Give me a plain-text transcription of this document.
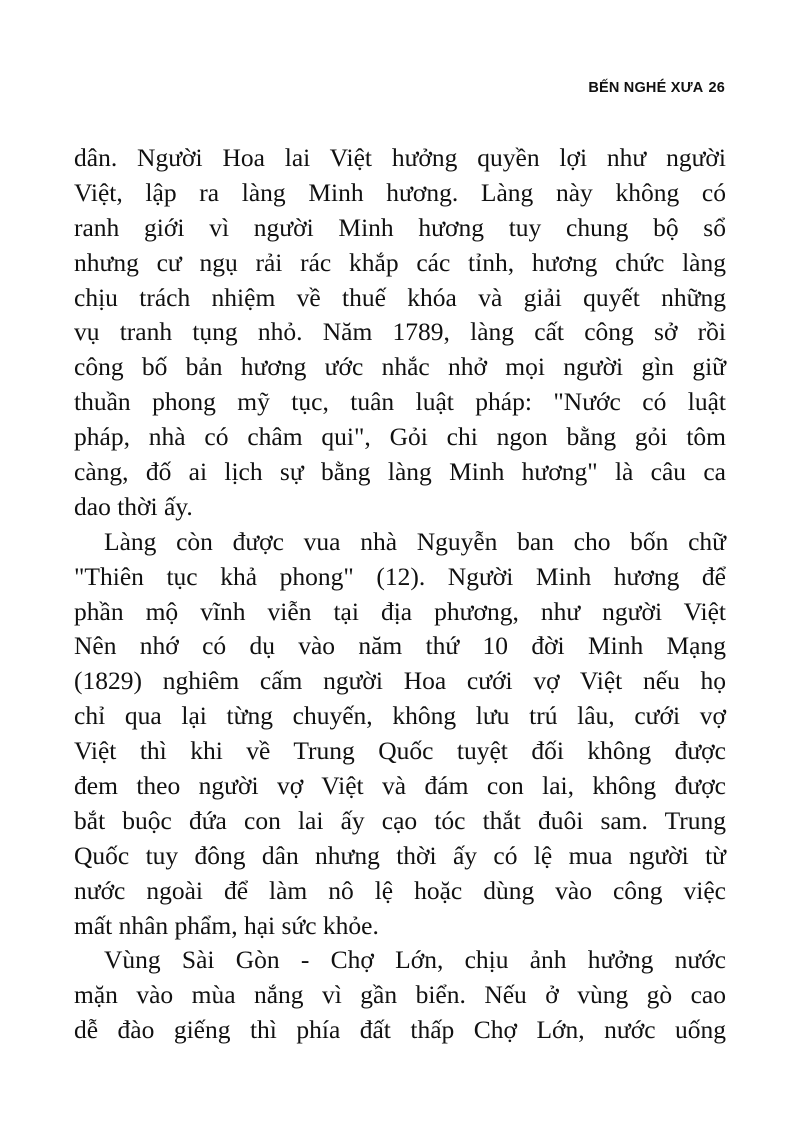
BẾN NGHÉ XƯA 26
dân. Người Hoa lai Việt hưởng quyền lợi như người
Việt, lập ra làng Minh hương. Làng này không có
ranh giới vì người Minh hương tuy chung bộ sổ
nhưng cư ngụ rải rác khắp các tỉnh, hương chức làng
chịu trách nhiệm về thuế khóa và giải quyết những
vụ tranh tụng nhỏ. Năm 1789, làng cất công sở rồi
công bố bản hương ước nhắc nhở mọi người gìn giữ
thuần phong mỹ tục, tuân luật pháp: "Nước có luật
pháp, nhà có châm qui", Gỏi chi ngon bằng gỏi tôm
càng, đố ai lịch sự bằng làng Minh hương" là câu ca
dao thời ấy.
Làng còn được vua nhà Nguyễn ban cho bốn chữ
"Thiên tục khả phong" (12). Người Minh hương để
phần mộ vĩnh viễn tại địa phương, như người Việt
Nên nhớ có dụ vào năm thứ 10 đời Minh Mạng
(1829) nghiêm cấm người Hoa cưới vợ Việt nếu họ
chỉ qua lại từng chuyến, không lưu trú lâu, cưới vợ
Việt thì khi về Trung Quốc tuyệt đối không được
đem theo người vợ Việt và đám con lai, không được
bắt buộc đứa con lai ấy cạo tóc thắt đuôi sam. Trung
Quốc tuy đông dân nhưng thời ấy có lệ mua người từ
nước ngoài để làm nô lệ hoặc dùng vào công việc
mất nhân phẩm, hại sức khỏe.
Vùng Sài Gòn - Chợ Lớn, chịu ảnh hưởng nước
mặn vào mùa nắng vì gần biển. Nếu ở vùng gò cao
dễ đào giếng thì phía đất thấp Chợ Lớn, nước uống
